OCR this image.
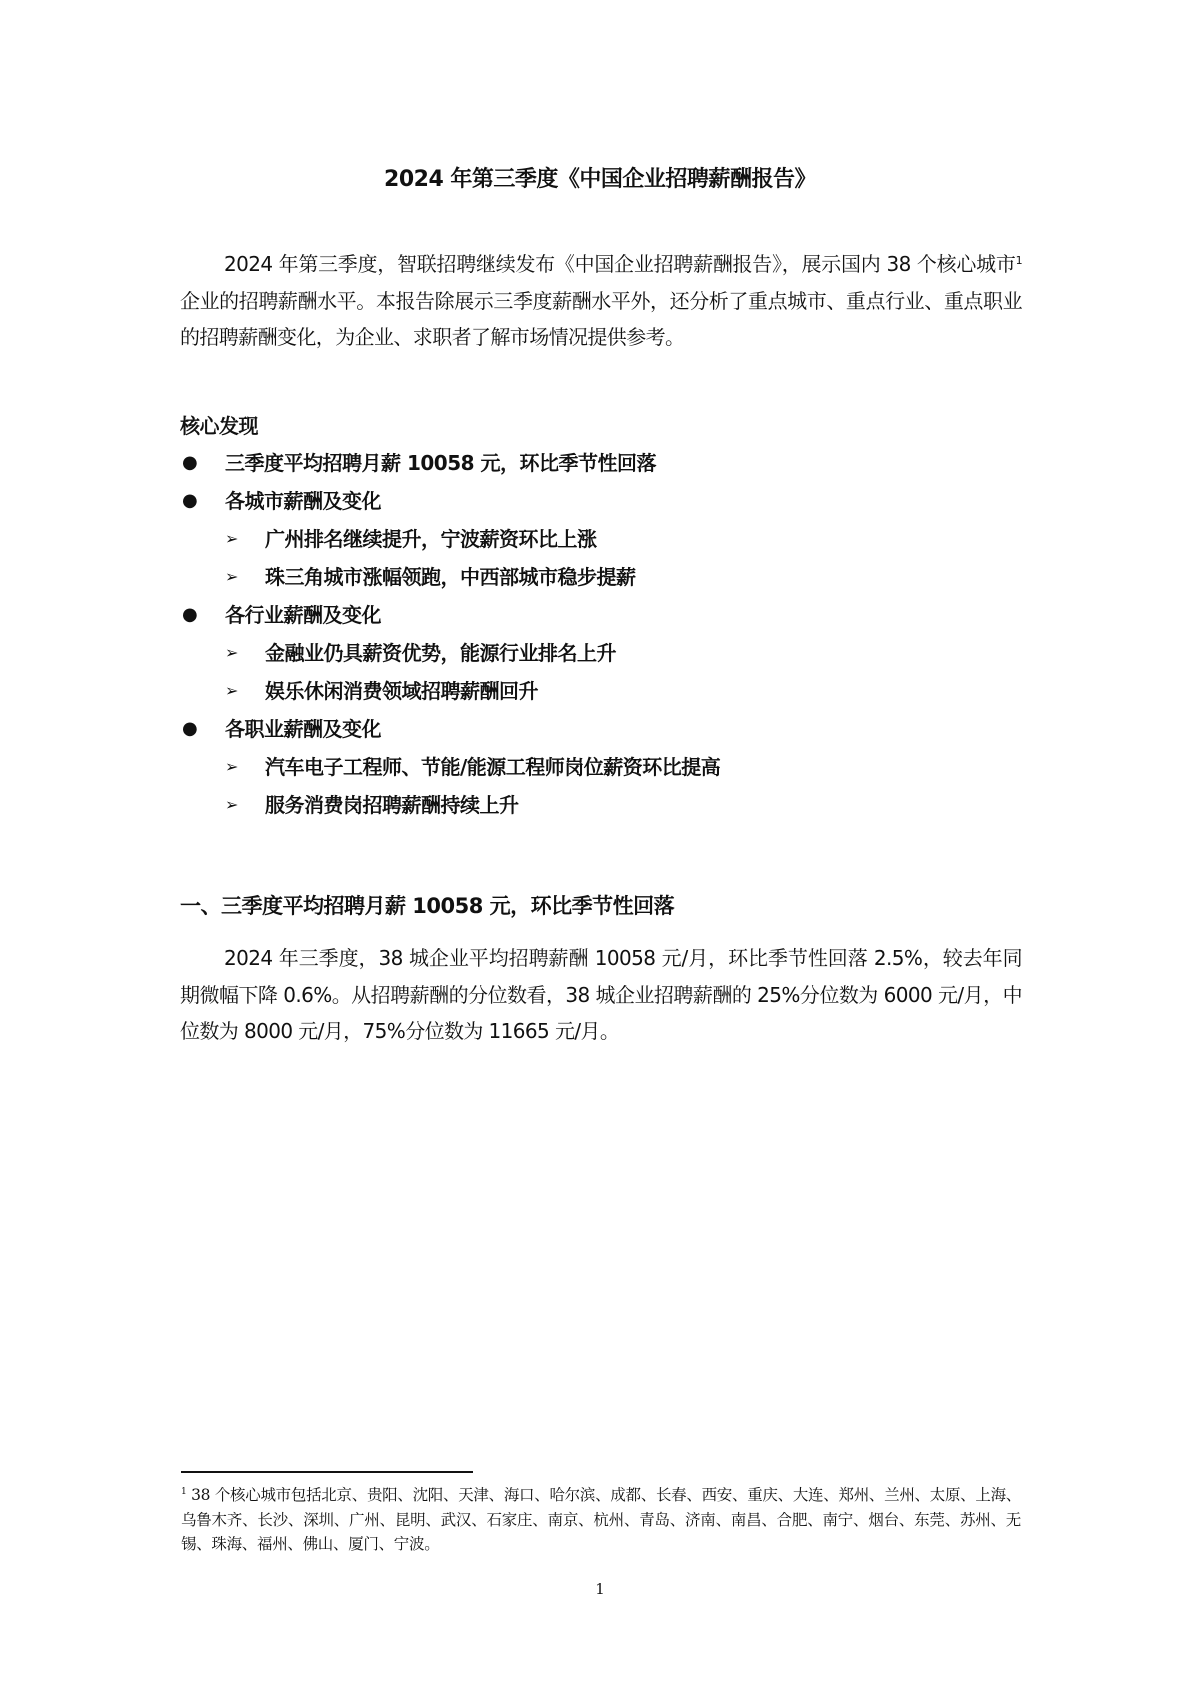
2024 年第三季度《中国企业招聘薪酬报告》
2024 年第三季度，智联招聘继续发布《中国企业招聘薪酬报告》，展示国内 38 个核心城市$^1$企业的招聘薪酬水平。本报告除展示三季度薪酬水平外，还分析了重点城市、重点行业、重点职业的招聘薪酬变化，为企业、求职者了解市场情况提供参考。
核心发现
● 三季度平均招聘月薪 10058 元，环比季节性回落
● 各城市薪酬及变化
➢ 广州排名继续提升，宁波薪资环比上涨
➢ 珠三角城市涨幅领跑，中西部城市稳步提薪
● 各行业薪酬及变化
➢ 金融业仍具薪资优势，能源行业排名上升
➢ 娱乐休闲消费领域招聘薪酬回升
● 各职业薪酬及变化
➢ 汽车电子工程师、节能/能源工程师岗位薪资环比提高
➢ 服务消费岗招聘薪酬持续上升
一、三季度平均招聘月薪 10058 元，环比季节性回落
2024 年三季度，38 城企业平均招聘薪酬 10058 元/月，环比季节性回落 2.5%，较去年同期微幅下降 0.6%。从招聘薪酬的分位数看，38 城企业招聘薪酬的 25%分位数为 6000 元/月，中位数为 8000 元/月，75%分位数为 11665 元/月。
$^1$ 38 个核心城市包括北京、贵阳、沈阳、天津、海口、哈尔滨、成都、长春、西安、重庆、大连、郑州、兰州、太原、上海、乌鲁木齐、长沙、深圳、广州、昆明、武汉、石家庄、南京、杭州、青岛、济南、南昌、合肥、南宁、烟台、东莞、苏州、无锡、珠海、福州、佛山、厦门、宁波。
1
